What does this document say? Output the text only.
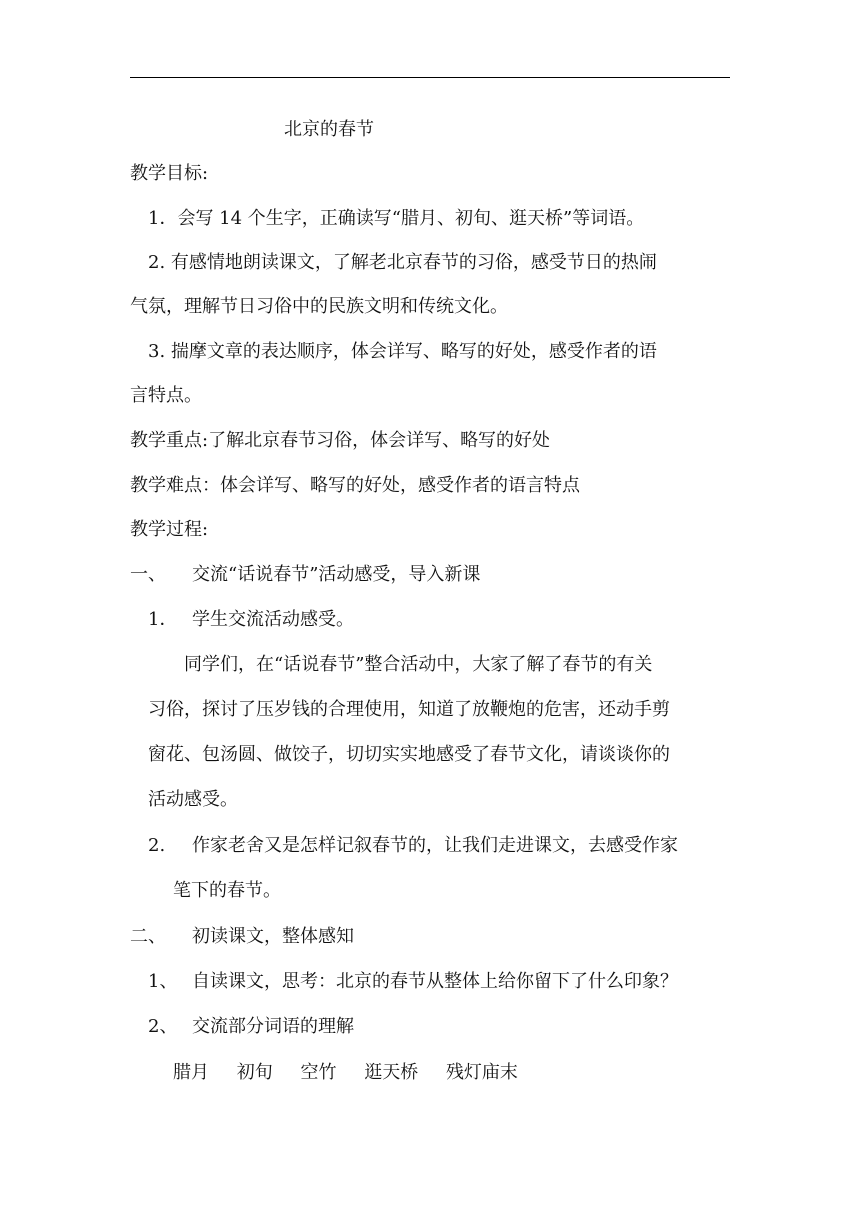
北京的春节
教学目标:
1．会写 14 个生字，正确读写“腊月、初旬、逛天桥”等词语。
2. 有感情地朗读课文，了解老北京春节的习俗，感受节日的热闹
气氛，理解节日习俗中的民族文明和传统文化。
3. 揣摩文章的表达顺序，体会详写、略写的好处，感受作者的语
言特点。
教学重点:了解北京春节习俗，体会详写、略写的好处
教学难点：体会详写、略写的好处，感受作者的语言特点
教学过程:
一、 交流“话说春节”活动感受，导入新课
1． 学生交流活动感受。
同学们，在“话说春节”整合活动中，大家了解了春节的有关
习俗，探讨了压岁钱的合理使用，知道了放鞭炮的危害，还动手剪
窗花、包汤圆、做饺子，切切实实地感受了春节文化，请谈谈你的
活动感受。
2. 作家老舍又是怎样记叙春节的，让我们走进课文，去感受作家
笔下的春节。
二、 初读课文，整体感知
1、 自读课文，思考：北京的春节从整体上给你留下了什么印象？
2、 交流部分词语的理解
腊月 初旬 空竹 逛天桥 残灯庙末
